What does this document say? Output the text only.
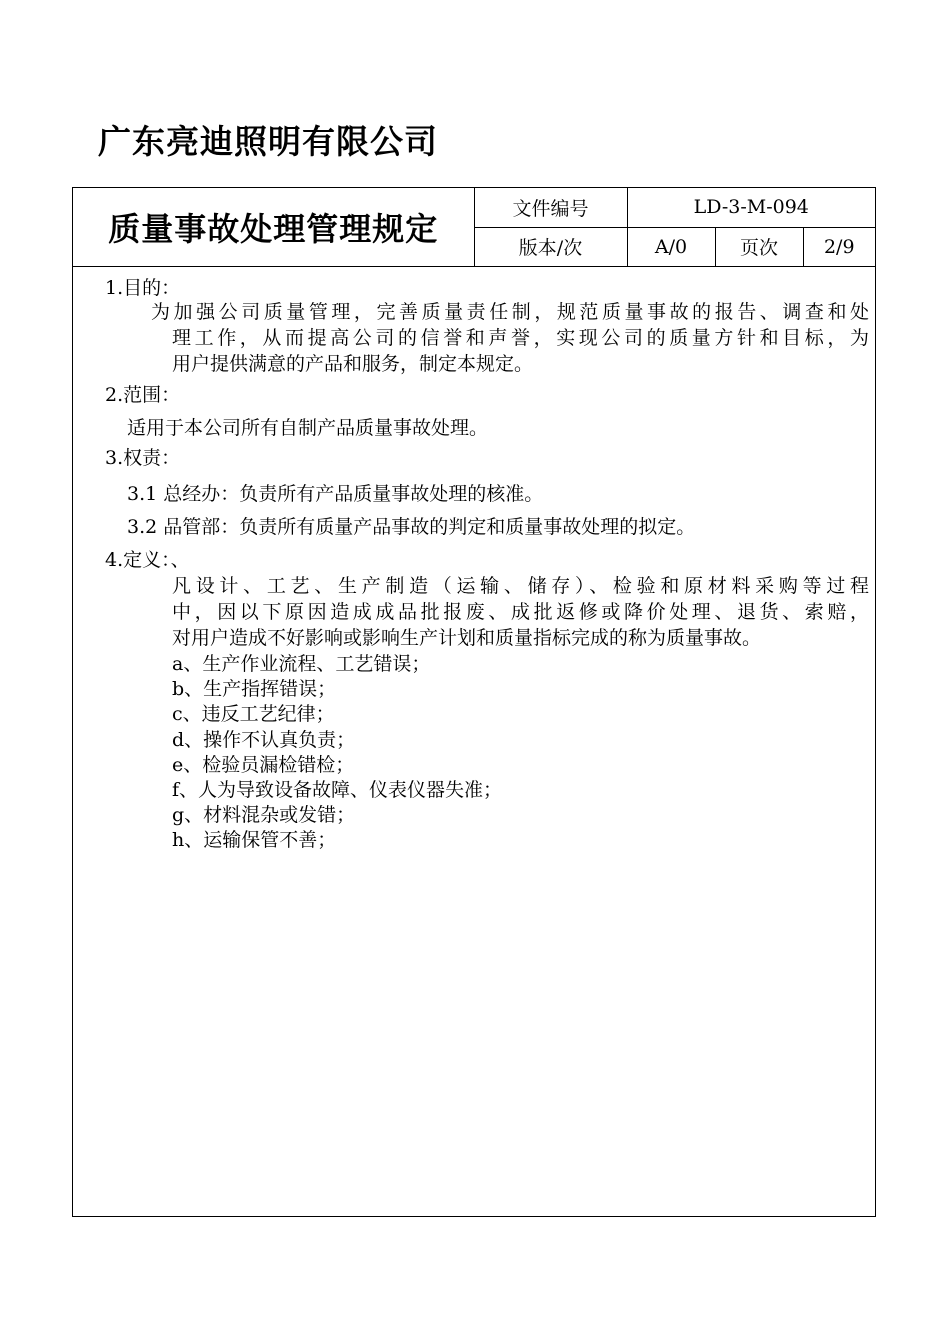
广东亮迪照明有限公司
质量事故处理管理规定	文件编号	LD-3-M-094		
	版本/次	A/0	页次	2/9
1.目的：
为加强公司质量管理，完善质量责任制，规范质量事故的报告、调查和处
理工作，从而提高公司的信誉和声誉，实现公司的质量方针和目标，为
用户提供满意的产品和服务，制定本规定。
2.范围：
适用于本公司所有自制产品质量事故处理。
3.权责：
3.1 总经办：负责所有产品质量事故处理的核准。
3.2 品管部：负责所有质量产品事故的判定和质量事故处理的拟定。
4.定义：、
凡设计、工艺、生产制造（运输、储存）、检验和原材料采购等过程
中，因以下原因造成成品批报废、成批返修或降价处理、退货、索赔，
对用户造成不好影响或影响生产计划和质量指标完成的称为质量事故。
a、生产作业流程、工艺错误；
b、生产指挥错误；
c、违反工艺纪律；
d、操作不认真负责；
e、检验员漏检错检；
f、人为导致设备故障、仪表仪器失准；
g、材料混杂或发错；
h、运输保管不善；
